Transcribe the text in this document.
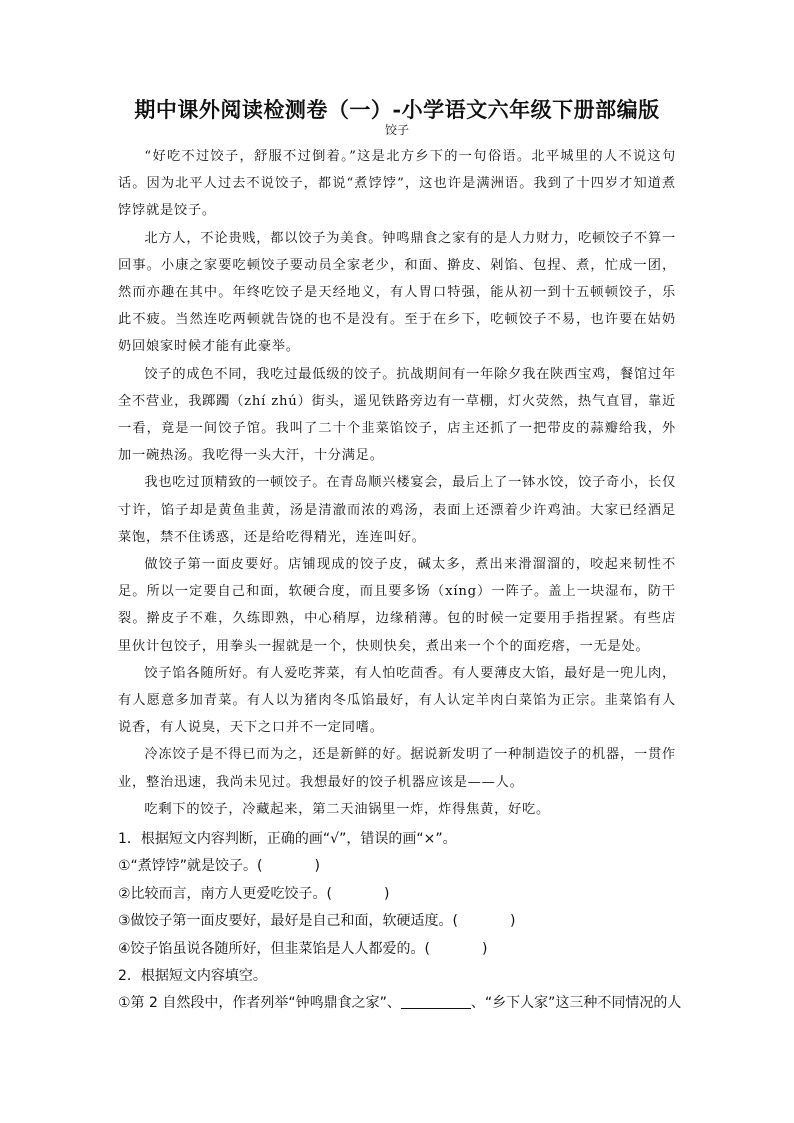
期中课外阅读检测卷（一）-小学语文六年级下册部编版
饺子

“好吃不过饺子，舒服不过倒着。”这是北方乡下的一句俗语。北平城里的人不说这句话。因为北平人过去不说饺子，都说“煮饽饽”，这也许是满洲语。我到了十四岁才知道煮饽饽就是饺子。

北方人，不论贵贱，都以饺子为美食。钟鸣鼎食之家有的是人力财力，吃顿饺子不算一回事。小康之家要吃顿饺子要动员全家老少，和面、擀皮、剁馅、包捏、煮，忙成一团，然而亦趣在其中。年终吃饺子是天经地义，有人胃口特强，能从初一到十五顿顿饺子，乐此不疲。当然连吃两顿就告饶的也不是没有。至于在乡下，吃顿饺子不易，也许要在姑奶奶回娘家时候才能有此豪举。

饺子的成色不同，我吃过最低级的饺子。抗战期间有一年除夕我在陕西宝鸡，餐馆过年全不营业，我踯躅（zhí zhú）街头，遥见铁路旁边有一草棚，灯火荧然，热气直冒，靠近一看，竟是一间饺子馆。我叫了二十个韭菜馅饺子，店主还抓了一把带皮的蒜瓣给我，外加一碗热汤。我吃得一头大汗，十分满足。

我也吃过顶精致的一顿饺子。在青岛顺兴楼宴会，最后上了一钵水饺，饺子奇小，长仅寸许，馅子却是黄鱼韭黄，汤是清澈而浓的鸡汤，表面上还漂着少许鸡油。大家已经酒足菜饱，禁不住诱惑，还是给吃得精光，连连叫好。

做饺子第一面皮要好。店铺现成的饺子皮，碱太多，煮出来滑溜溜的，咬起来韧性不足。所以一定要自己和面，软硬合度，而且要多饧（xíng）一阵子。盖上一块湿布，防干裂。擀皮子不难，久练即熟，中心稍厚，边缘稍薄。包的时候一定要用手指捏紧。有些店里伙计包饺子，用拳头一握就是一个，快则快矣，煮出来一个个的面疙瘩，一无是处。

饺子馅各随所好。有人爱吃荠菜，有人怕吃茴香。有人要薄皮大馅，最好是一兜儿肉，有人愿意多加青菜。有人以为猪肉冬瓜馅最好，有人认定羊肉白菜馅为正宗。韭菜馅有人说香，有人说臭，天下之口并不一定同嗜。

冷冻饺子是不得已而为之，还是新鲜的好。据说新发明了一种制造饺子的机器，一贯作业，整治迅速，我尚未见过。我想最好的饺子机器应该是——人。

吃剩下的饺子，冷藏起来，第二天油锅里一炸，炸得焦黄，好吃。

1．根据短文内容判断，正确的画“√”，错误的画“×”。
①“煮饽饽”就是饺子。(	)
②比较而言，南方人更爱吃饺子。(	)
③做饺子第一面皮要好，最好是自己和面，软硬适度。(	)
④饺子馅虽说各随所好，但韭菜馅是人人都爱的。(	)
2．根据短文内容填空。
①第 2 自然段中，作者列举“钟鸣鼎食之家”、	、“乡下人家”这三种不同情况的人
